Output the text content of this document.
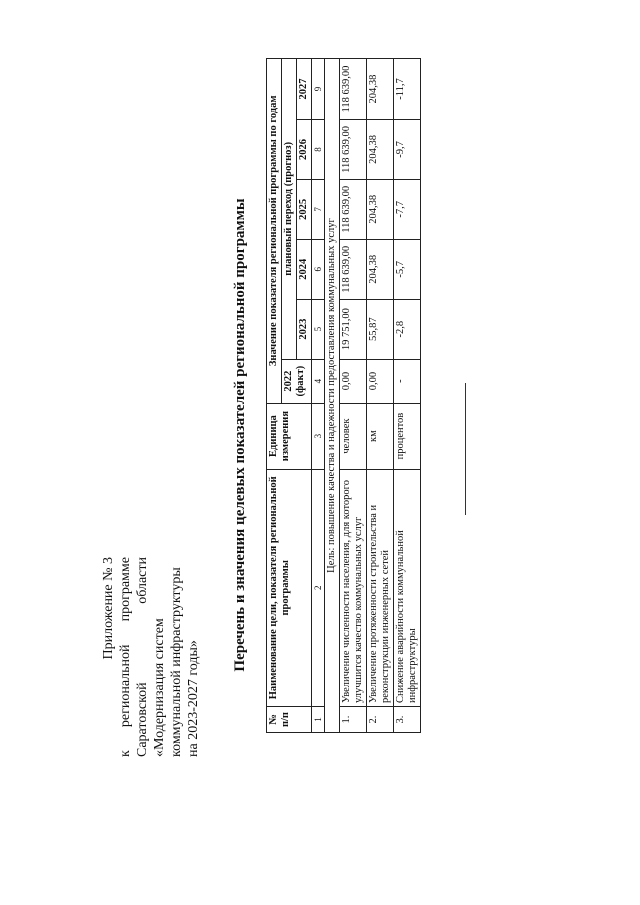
Приложение № 3 к региональной программе Саратовской области «Модернизация систем коммунальной инфраструктуры на 2023-2027 годы»
Перечень и значения целевых показателей региональной программы
№ п/п	Наименование цели, показателя региональной программы	Единица измерения	Значение показателя региональной программы по годам					
			2022 (факт)	плановый переход (прогноз)				
				2023	2024	2025	2026	2027
1	2	3	4	5	6	7	8	9
Цель: повышение качества и надежности предоставления коммунальных услуг								
1.	Увеличение численности населения, для которого улучшится качество коммунальных услуг	человек	0,00	19 751,00	118 639,00	118 639,00	118 639,00	118 639,00
2.	Увеличение протяженности строительства и реконструкции инженерных сетей	км	0,00	55,87	204,38	204,38	204,38	204,38
3.	Снижение аварийности коммунальной инфраструктуры	процентов	-	-2,8	-5,7	-7,7	-9,7	-11,7
